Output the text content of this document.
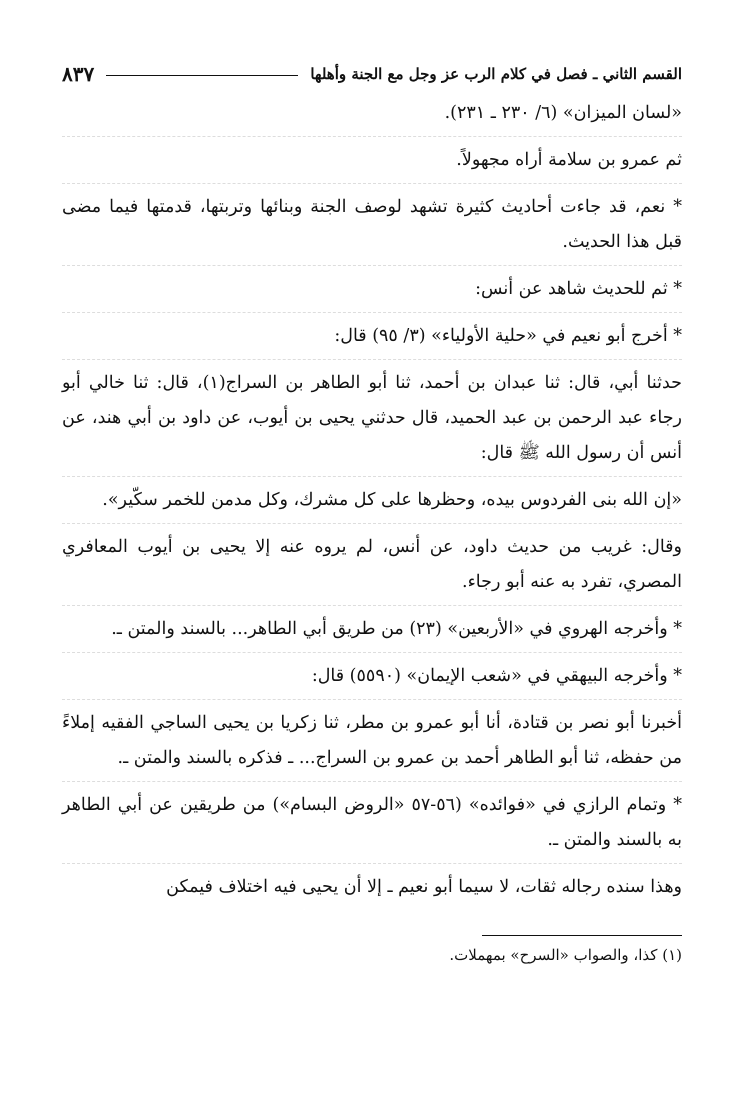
القسم الثاني ـ فصل في كلام الرب عز وجل مع الجنة وأهلها
٨٣٧

«لسان الميزان» (٦/ ٢٣٠ ـ ٢٣١).

ثم عمرو بن سلامة أراه مجهولاً.

* نعم، قد جاءت أحاديث كثيرة تشهد لوصف الجنة وبنائها وتربتها، قدمتها فيما مضى قبل هذا الحديث.

* ثم للحديث شاهد عن أنس:

* أخرج أبو نعيم في «حلية الأولياء» (٣/ ٩٥) قال:

حدثنا أبي، قال: ثنا عبدان بن أحمد، ثنا أبو الطاهر بن السراج(١)، قال: ثنا خالي أبو رجاء عبد الرحمن بن عبد الحميد، قال حدثني يحيى بن أيوب، عن داود بن أبي هند، عن أنس أن رسول الله ﷺ قال:

«إن الله بنى الفردوس بيده، وحظرها على كل مشرك، وكل مدمن للخمر سكّير».

وقال: غريب من حديث داود، عن أنس، لم يروه عنه إلا يحيى بن أيوب المعافري المصري، تفرد به عنه أبو رجاء.

* وأخرجه الهروي في «الأربعين» (٢٣) من طريق أبي الطاهر... بالسند والمتن ـ.

* وأخرجه البيهقي في «شعب الإيمان» (٥٥٩٠) قال:

أخبرنا أبو نصر بن قتادة، أنا أبو عمرو بن مطر، ثنا زكريا بن يحيى الساجي الفقيه إملاءً من حفظه، ثنا أبو الطاهر أحمد بن عمرو بن السراج... ـ فذكره بالسند والمتن ـ.

* وتمام الرازي في «فوائده» (٥٦-٥٧ «الروض البسام») من طريقين عن أبي الطاهر به بالسند والمتن ـ.

وهذا سنده رجاله ثقات، لا سيما أبو نعيم ـ إلا أن يحيى فيه اختلاف فيمكن

(١) كذا، والصواب «السرح» بمهملات.
